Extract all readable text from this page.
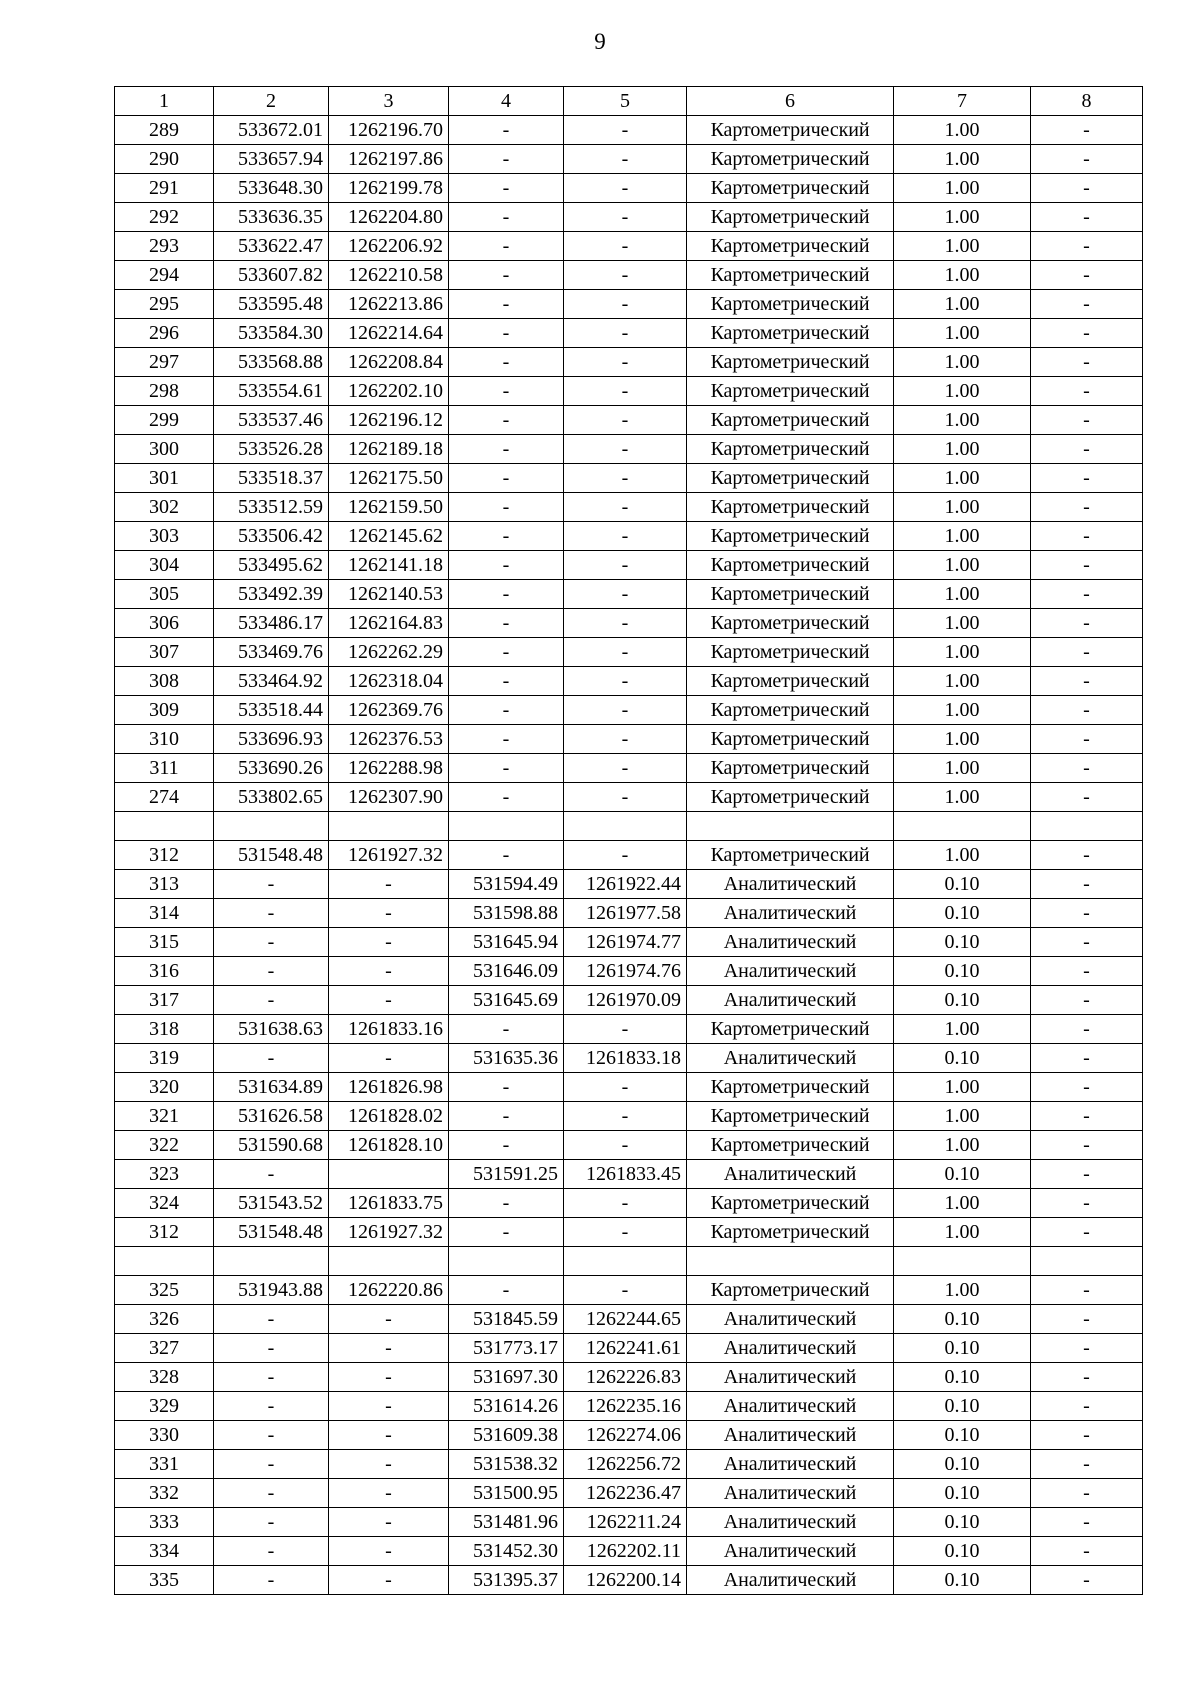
9
1	2	3	4	5	6	7	8
289	533672.01	1262196.70	-	-	Картометрический	1.00	-
290	533657.94	1262197.86	-	-	Картометрический	1.00	-
291	533648.30	1262199.78	-	-	Картометрический	1.00	-
292	533636.35	1262204.80	-	-	Картометрический	1.00	-
293	533622.47	1262206.92	-	-	Картометрический	1.00	-
294	533607.82	1262210.58	-	-	Картометрический	1.00	-
295	533595.48	1262213.86	-	-	Картометрический	1.00	-
296	533584.30	1262214.64	-	-	Картометрический	1.00	-
297	533568.88	1262208.84	-	-	Картометрический	1.00	-
298	533554.61	1262202.10	-	-	Картометрический	1.00	-
299	533537.46	1262196.12	-	-	Картометрический	1.00	-
300	533526.28	1262189.18	-	-	Картометрический	1.00	-
301	533518.37	1262175.50	-	-	Картометрический	1.00	-
302	533512.59	1262159.50	-	-	Картометрический	1.00	-
303	533506.42	1262145.62	-	-	Картометрический	1.00	-
304	533495.62	1262141.18	-	-	Картометрический	1.00	-
305	533492.39	1262140.53	-	-	Картометрический	1.00	-
306	533486.17	1262164.83	-	-	Картометрический	1.00	-
307	533469.76	1262262.29	-	-	Картометрический	1.00	-
308	533464.92	1262318.04	-	-	Картометрический	1.00	-
309	533518.44	1262369.76	-	-	Картометрический	1.00	-
310	533696.93	1262376.53	-	-	Картометрический	1.00	-
311	533690.26	1262288.98	-	-	Картометрический	1.00	-
274	533802.65	1262307.90	-	-	Картометрический	1.00	-

312	531548.48	1261927.32	-	-	Картометрический	1.00	-
313	-	-	531594.49	1261922.44	Аналитический	0.10	-
314	-	-	531598.88	1261977.58	Аналитический	0.10	-
315	-	-	531645.94	1261974.77	Аналитический	0.10	-
316	-	-	531646.09	1261974.76	Аналитический	0.10	-
317	-	-	531645.69	1261970.09	Аналитический	0.10	-
318	531638.63	1261833.16	-	-	Картометрический	1.00	-
319	-	-	531635.36	1261833.18	Аналитический	0.10	-
320	531634.89	1261826.98	-	-	Картометрический	1.00	-
321	531626.58	1261828.02	-	-	Картометрический	1.00	-
322	531590.68	1261828.10	-	-	Картометрический	1.00	-
323	-		531591.25	1261833.45	Аналитический	0.10	-
324	531543.52	1261833.75	-	-	Картометрический	1.00	-
312	531548.48	1261927.32	-	-	Картометрический	1.00	-

325	531943.88	1262220.86	-	-	Картометрический	1.00	-
326	-	-	531845.59	1262244.65	Аналитический	0.10	-
327	-	-	531773.17	1262241.61	Аналитический	0.10	-
328	-	-	531697.30	1262226.83	Аналитический	0.10	-
329	-	-	531614.26	1262235.16	Аналитический	0.10	-
330	-	-	531609.38	1262274.06	Аналитический	0.10	-
331	-	-	531538.32	1262256.72	Аналитический	0.10	-
332	-	-	531500.95	1262236.47	Аналитический	0.10	-
333	-	-	531481.96	1262211.24	Аналитический	0.10	-
334	-	-	531452.30	1262202.11	Аналитический	0.10	-
335	-	-	531395.37	1262200.14	Аналитический	0.10	-
